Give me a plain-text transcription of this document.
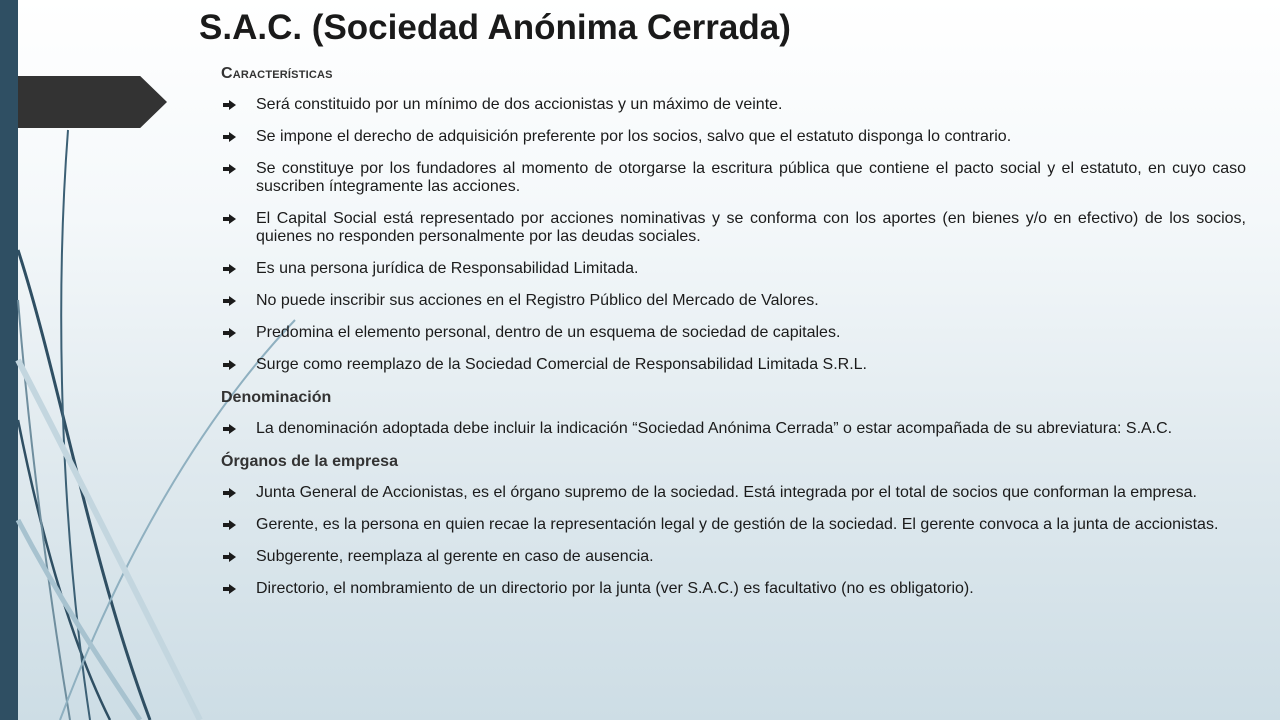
S.A.C. (Sociedad Anónima Cerrada)
Características
Será constituido por un mínimo de dos accionistas y un máximo de veinte.
Se impone el derecho de adquisición preferente por los socios, salvo que el estatuto disponga lo contrario.
Se constituye por los fundadores al momento de otorgarse la escritura pública que contiene el pacto social y el estatuto, en cuyo caso suscriben íntegramente las acciones.
El Capital Social está representado por acciones nominativas y se conforma con los aportes (en bienes y/o en efectivo) de los socios, quienes no responden personalmente por las deudas sociales.
Es una persona jurídica de Responsabilidad Limitada.
No puede inscribir sus acciones en el Registro Público del Mercado de Valores.
Predomina el elemento personal, dentro de un esquema de sociedad de capitales.
Surge como reemplazo de la Sociedad Comercial de Responsabilidad Limitada S.R.L.
Denominación
La denominación adoptada debe incluir la indicación “Sociedad Anónima Cerrada” o estar acompañada de su abreviatura: S.A.C.
Órganos de la empresa
Junta General de Accionistas, es el órgano supremo de la sociedad. Está integrada por el total de socios que conforman la empresa.
Gerente, es la persona en quien recae la representación legal y de gestión de la sociedad. El gerente convoca a la junta de accionistas.
Subgerente, reemplaza al gerente en caso de ausencia.
Directorio, el nombramiento de un directorio por la junta (ver S.A.C.) es facultativo (no es obligatorio).
